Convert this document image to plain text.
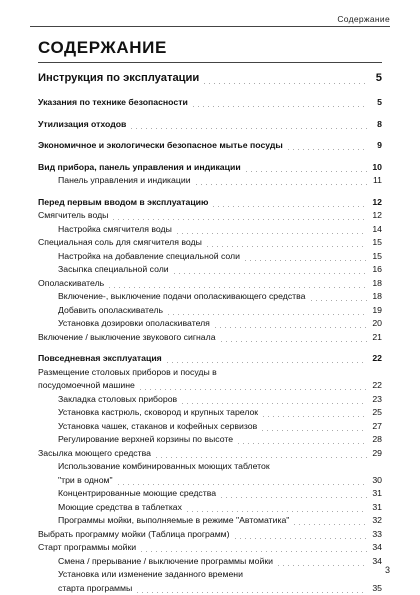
Содержание
СОДЕРЖАНИЕ
Инструкция по эксплуатации	5
Указания по технике безопасности	5
Утилизация отходов	8
Экономичное и экологически безопасное мытье посуды	9
Вид прибора, панель управления и индикации	10
Панель управления и индикации	11
Перед первым вводом в эксплуатацию	12
Смягчитель воды	12
Настройка смягчителя воды	14
Специальная соль для смягчителя воды	15
Настройка на добавление специальной соли	15
Засыпка специальной соли	16
Ополаскиватель	18
Включение-, выключение подачи ополаскивающего средства	18
Добавить ополаскиватель	19
Установка дозировки ополаскивателя	20
Включение / выключение звукового сигнала	21
Повседневная эксплуатация	22
Размещение столовых приборов и посуды в
посудомоечной машине	22
Закладка столовых приборов	23
Установка кастрюль, сковород и крупных тарелок	25
Установка чашек, стаканов и кофейных сервизов	27
Регулирование верхней корзины по высоте	28
Засылка моющего средства	29
Использование комбинированных моющих таблеток
"три в одном"	30
Концентрированные моющие средства	31
Моющие средства в таблетках	31
Программы мойки, выполняемые в режиме "Автоматика"	32
Выбрать программу мойки (Таблица программ)	33
Старт программы мойки	34
Смена / прерывание / выключение программы мойки	34
Установка или изменение заданного времени
старта программы	35
3
